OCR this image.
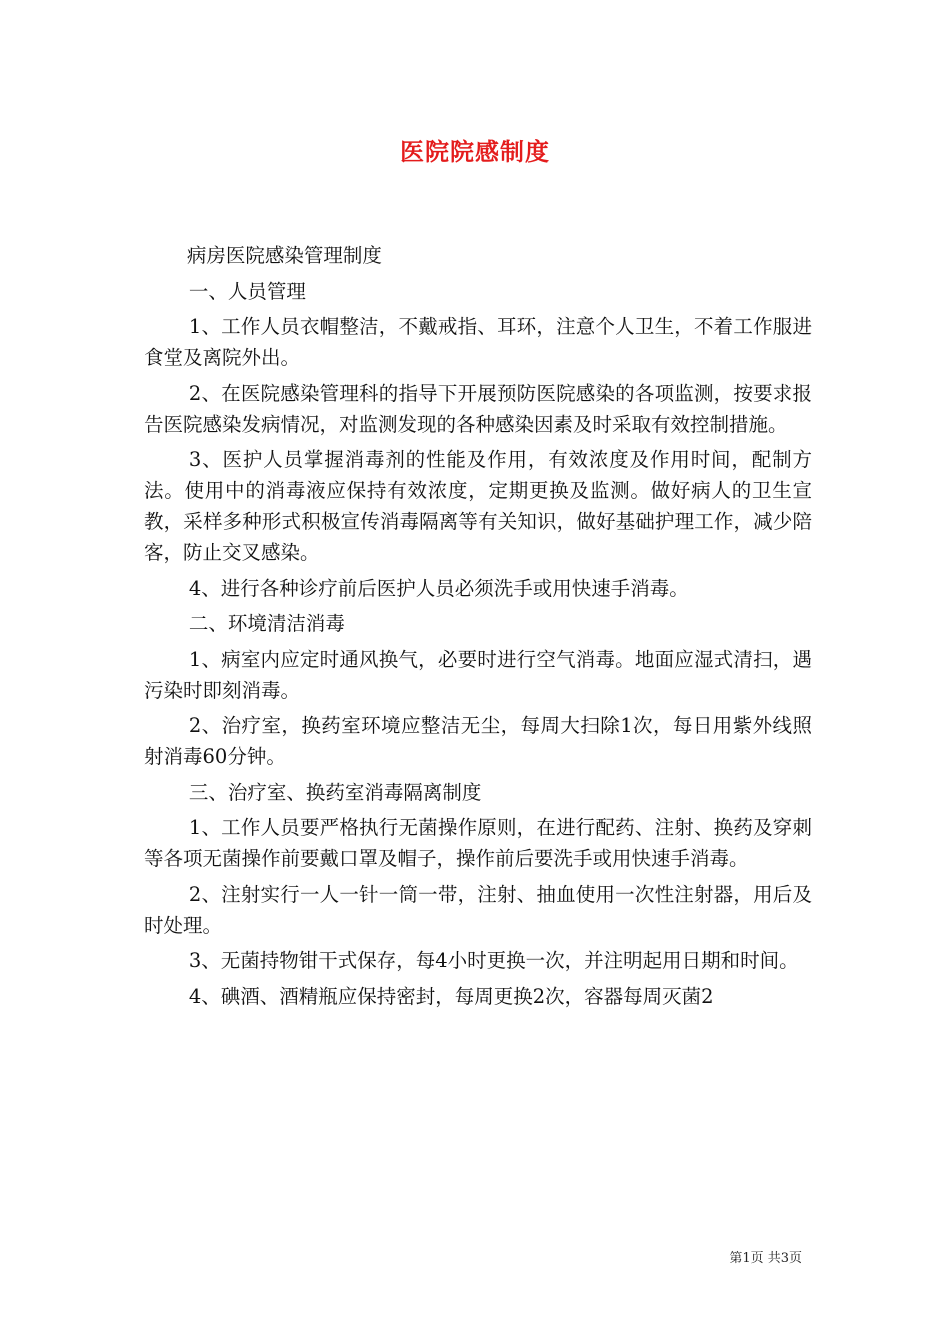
医院院感制度

病房医院感染管理制度

一、人员管理

1、工作人员衣帽整洁，不戴戒指、耳环，注意个人卫生，不着工作服进食堂及离院外出。

2、在医院感染管理科的指导下开展预防医院感染的各项监测，按要求报告医院感染发病情况，对监测发现的各种感染因素及时采取有效控制措施。

3、医护人员掌握消毒剂的性能及作用，有效浓度及作用时间，配制方法。使用中的消毒液应保持有效浓度，定期更换及监测。做好病人的卫生宣教，采样多种形式积极宣传消毒隔离等有关知识，做好基础护理工作，减少陪客，防止交叉感染。

4、进行各种诊疗前后医护人员必须洗手或用快速手消毒。

二、环境清洁消毒

1、病室内应定时通风换气，必要时进行空气消毒。地面应湿式清扫，遇污染时即刻消毒。

2、治疗室，换药室环境应整洁无尘，每周大扫除1次，每日用紫外线照射消毒60分钟。

三、治疗室、换药室消毒隔离制度

1、工作人员要严格执行无菌操作原则，在进行配药、注射、换药及穿刺等各项无菌操作前要戴口罩及帽子，操作前后要洗手或用快速手消毒。

2、注射实行一人一针一筒一带，注射、抽血使用一次性注射器，用后及时处理。

3、无菌持物钳干式保存，每4小时更换一次，并注明起用日期和时间。

4、碘酒、酒精瓶应保持密封，每周更换2次，容器每周灭菌2

第1页 共3页
